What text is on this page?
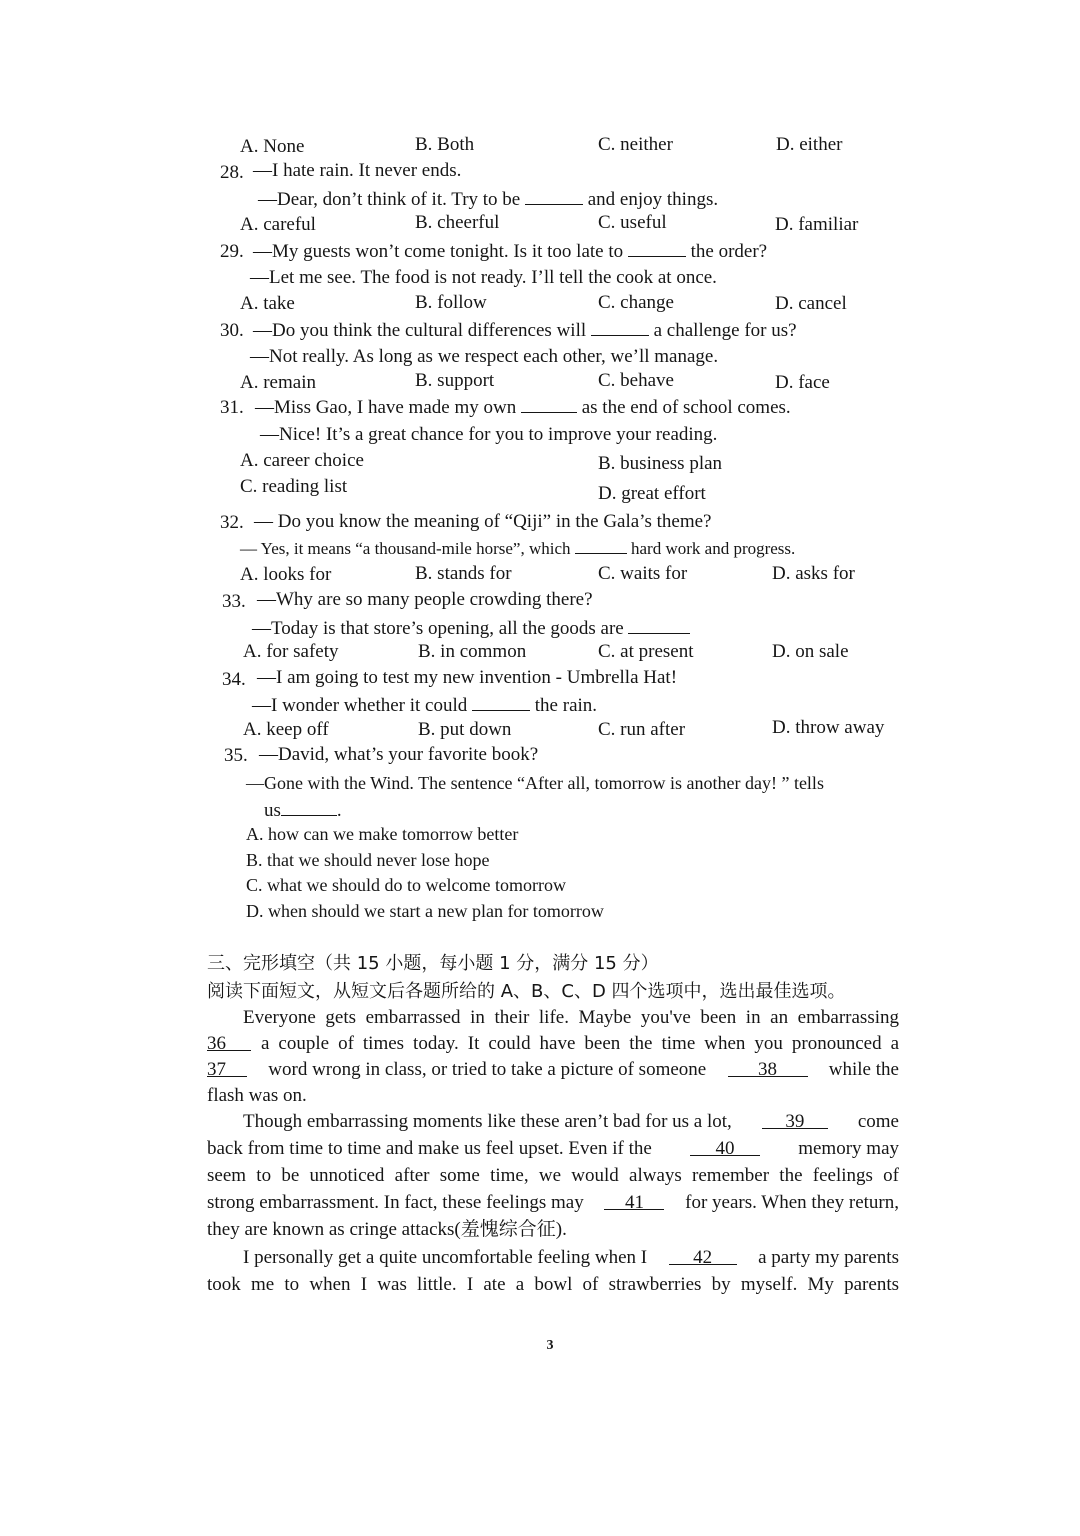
A. None	B. Both	C. neither	D. either
28. —I hate rain. It never ends.
—Dear, don’t think of it. Try to be	and enjoy things.
A. careful	B. cheerful	C. useful	D. familiar
29. —My guests won’t come tonight. Is it too late to	the order?
—Let me see. The food is not ready. I’ll tell the cook at once.
A. take	B. follow	C. change	D. cancel
30. —Do you think the cultural differences will	a challenge for us?
—Not really. As long as we respect each other, we’ll manage.
A. remain	B. support	C. behave	D. face
31. —Miss Gao, I have made my own	as the end of school comes.
—Nice! It’s a great chance for you to improve your reading.
A. career choice	B. business plan
C. reading list	D. great effort
32. — Do you know the meaning of “Qiji” in the Gala’s theme?
— Yes, it means “a thousand-mile horse”, which	hard work and progress.
A. looks for	B. stands for	C. waits for	D. asks for
33. —Why are so many people crowding there?
—Today is that store’s opening, all the goods are
A. for safety	B. in common	C. at present	D. on sale
34. —I am going to test my new invention - Umbrella Hat!
—I wonder whether it could	the rain.
A. keep off	B. put down	C. run after	D. throw away
35. —David, what’s your favorite book?
—Gone with the Wind. The sentence “After all, tomorrow is another day! ” tells
us	.
A. how can we make tomorrow better
B. that we should never lose hope
C. what we should do to welcome tomorrow
D. when should we start a new plan for tomorrow
三、完形填空（共 15 小题，每小题 1 分，满分 15 分）
阅读下面短文，从短文后各题所给的 A、B、C、D 四个选项中，选出最佳选项。
Everyone gets embarrassed in their life. Maybe you've been in an embarrassing
36	a couple of times today. It could have been the time when you pronounced a
37	word wrong in class, or tried to take a picture of someone	38	while the
flash was on.
Though embarrassing moments like these aren’t bad for us a lot,	39	come
back from time to time and make us feel upset. Even if the	40	memory may
seem to be unnoticed after some time, we would always remember the feelings of
strong embarrassment. In fact, these feelings may	41	for years. When they return,
they are known as cringe attacks(羞愧综合征).
I personally get a quite uncomfortable feeling when I	42	a party my parents
took me to when I was little. I ate a bowl of strawberries by myself. My parents
3
